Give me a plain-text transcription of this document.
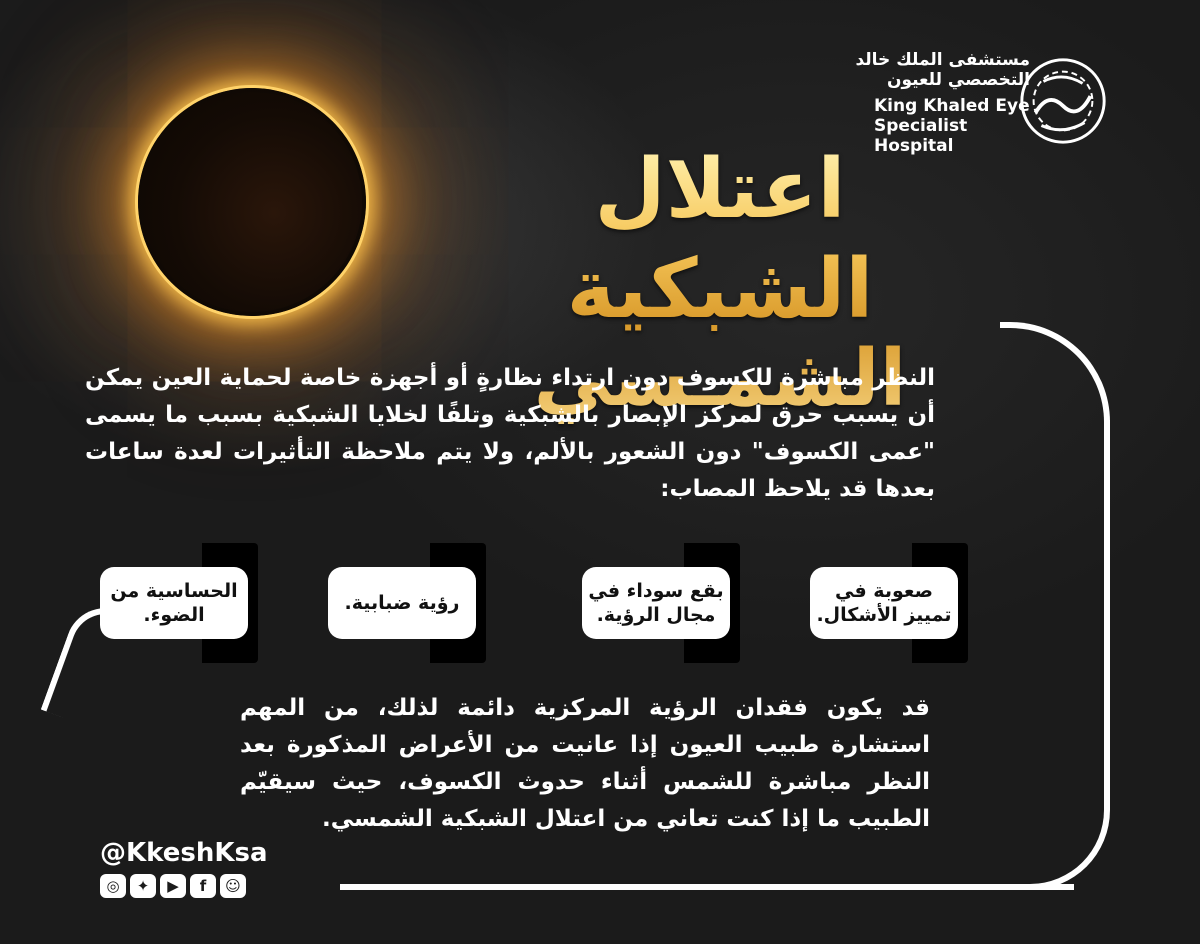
مستشفى الملك خالد
التخصصي للعيون
King Khaled Eye
Specialist
اعتلال الشبكية
الشمـسي
النظر مباشرة للكسوف دون ارتداء نظارةٍ أو أجهزة خاصة لحماية العين يمكن أن يسبب حرق لمركز الإبصار بالشبكية وتلفًا لخلايا الشبكية بسبب ما يسمى "عمى الكسوف" دون الشعور بالألم، ولا يتم ملاحظة التأثيرات لعدة ساعات بعدها قد يلاحظ المصاب:
صعوبة في تمييز الأشكال.
بقع سوداء في مجال الرؤية.
رؤية ضبابية.
الحساسية من الضوء.
قد يكون فقدان الرؤية المركزية دائمة لذلك، من المهم استشارة طبيب العيون إذا عانيت من الأعراض المذكورة بعد النظر مباشرة للشمس أثناء حدوث الكسوف، حيث سيقيّم الطبيب ما إذا كنت تعاني من اعتلال الشبكية الشمسي.
@KkeshKsa
◎	✦	▶	f	☺
